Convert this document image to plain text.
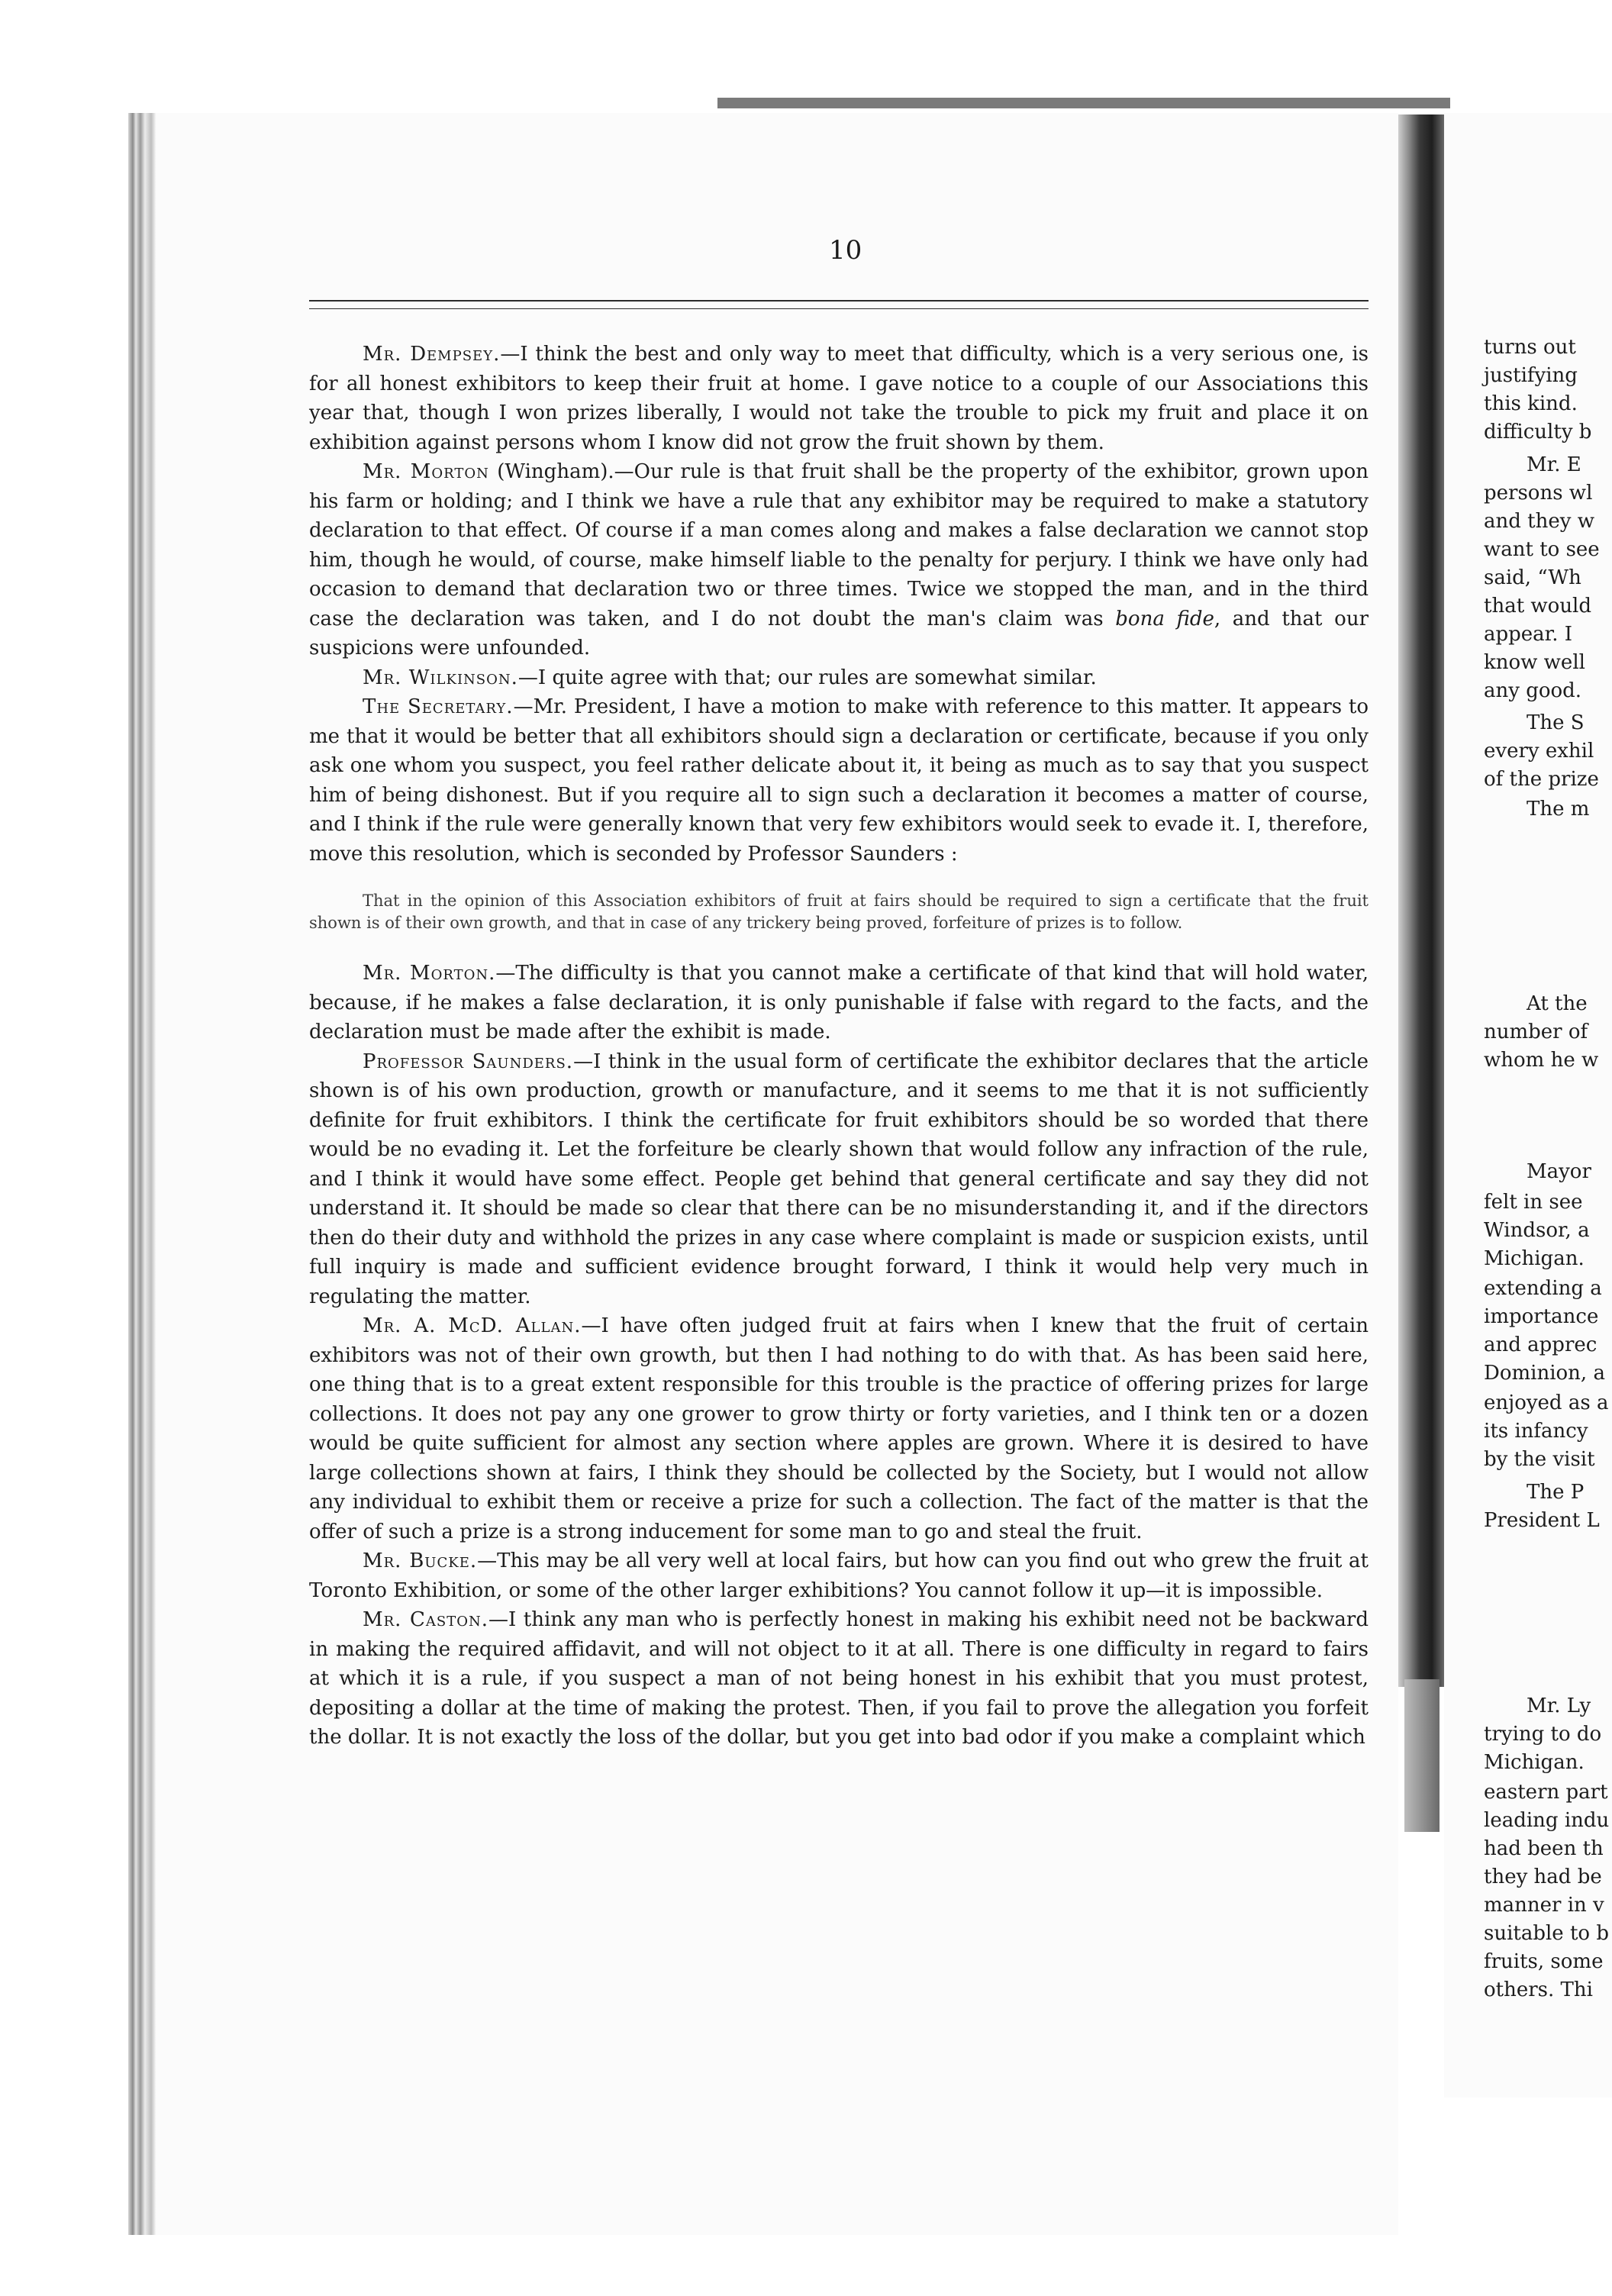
10

Mr. Dempsey.—I think the best and only way to meet that difficulty, which is a very serious one, is for all honest exhibitors to keep their fruit at home. I gave notice to a couple of our Associations this year that, though I won prizes liberally, I would not take the trouble to pick my fruit and place it on exhibition against persons whom I know did not grow the fruit shown by them.

Mr. Morton (Wingham).—Our rule is that fruit shall be the property of the exhibitor, grown upon his farm or holding; and I think we have a rule that any exhibitor may be required to make a statutory declaration to that effect. Of course if a man comes along and makes a false declaration we cannot stop him, though he would, of course, make himself liable to the penalty for perjury. I think we have only had occasion to demand that declaration two or three times. Twice we stopped the man, and in the third case the declaration was taken, and I do not doubt the man's claim was bona fide, and that our suspicions were unfounded.

Mr. Wilkinson.—I quite agree with that; our rules are somewhat similar.

The Secretary.—Mr. President, I have a motion to make with reference to this matter. It appears to me that it would be better that all exhibitors should sign a declaration or certificate, because if you only ask one whom you suspect, you feel rather delicate about it, it being as much as to say that you suspect him of being dishonest. But if you require all to sign such a declaration it becomes a matter of course, and I think if the rule were generally known that very few exhibitors would seek to evade it. I, therefore, move this resolution, which is seconded by Professor Saunders :

That in the opinion of this Association exhibitors of fruit at fairs should be required to sign a certificate that the fruit shown is of their own growth, and that in case of any trickery being proved, forfeiture of prizes is to follow.

Mr. Morton.—The difficulty is that you cannot make a certificate of that kind that will hold water, because, if he makes a false declaration, it is only punishable if false with regard to the facts, and the declaration must be made after the exhibit is made.

Professor Saunders.—I think in the usual form of certificate the exhibitor declares that the article shown is of his own production, growth or manufacture, and it seems to me that it is not sufficiently definite for fruit exhibitors. I think the certificate for fruit exhibitors should be so worded that there would be no evading it. Let the forfeiture be clearly shown that would follow any infraction of the rule, and I think it would have some effect. People get behind that general certificate and say they did not understand it. It should be made so clear that there can be no misunderstanding it, and if the directors then do their duty and withhold the prizes in any case where complaint is made or suspicion exists, until full inquiry is made and sufficient evidence brought forward, I think it would help very much in regulating the matter.

Mr. A. McD. Allan.—I have often judged fruit at fairs when I knew that the fruit of certain exhibitors was not of their own growth, but then I had nothing to do with that. As has been said here, one thing that is to a great extent responsible for this trouble is the practice of offering prizes for large collections. It does not pay any one grower to grow thirty or forty varieties, and I think ten or a dozen would be quite sufficient for almost any section where apples are grown. Where it is desired to have large collections shown at fairs, I think they should be collected by the Society, but I would not allow any individual to exhibit them or receive a prize for such a collection. The fact of the matter is that the offer of such a prize is a strong inducement for some man to go and steal the fruit.

Mr. Bucke.—This may be all very well at local fairs, but how can you find out who grew the fruit at Toronto Exhibition, or some of the other larger exhibitions? You cannot follow it up—it is impossible.

Mr. Caston.—I think any man who is perfectly honest in making his exhibit need not be backward in making the required affidavit, and will not object to it at all. There is one difficulty in regard to fairs at which it is a rule, if you suspect a man of not being honest in his exhibit that you must protest, depositing a dollar at the time of making the protest. Then, if you fail to prove the allegation you forfeit the dollar. It is not exactly the loss of the dollar, but you get into bad odor if you make a complaint which

turns out
justifying
this kind.
difficulty b
Mr. E
persons wl
and they w
want to see
said, “Wh
that would
appear. I
know well
any good.
The S
every exhil
of the prize
The m
At the
number of
whom he w
Mayor
felt in see
Windsor, a
Michigan.
extending a
importance
and apprec
Dominion, a
enjoyed as a
its infancy
by the visit
The P
President L
Mr. Ly
trying to do
Michigan.
eastern part
leading indu
had been th
they had be
manner in v
suitable to b
fruits, some
others. Thi
